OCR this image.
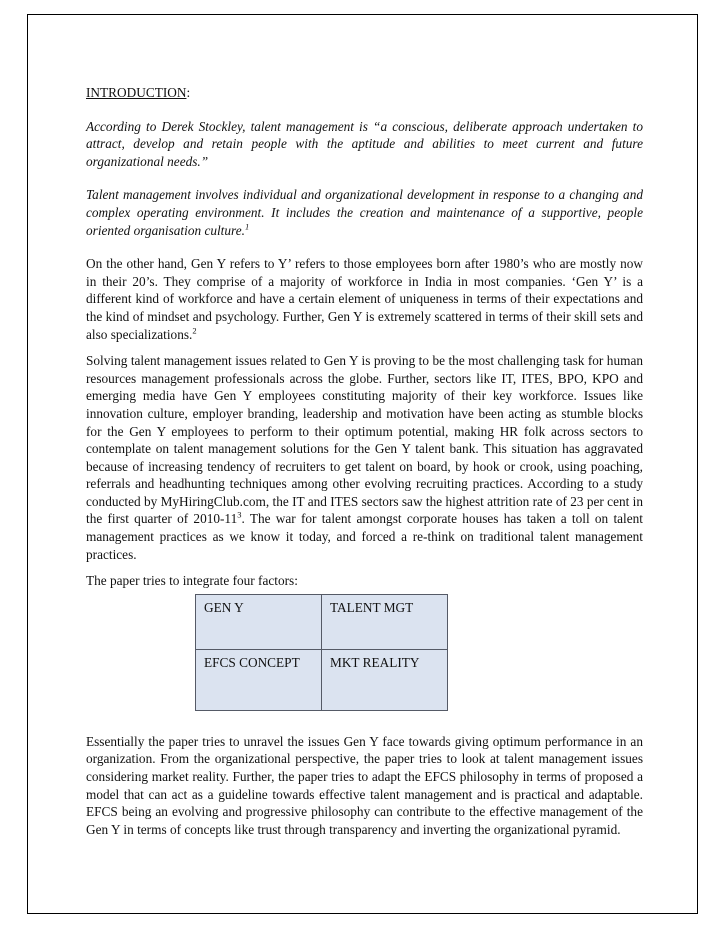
INTRODUCTION:

According to Derek Stockley, talent management is “a conscious, deliberate approach undertaken to attract, develop and retain people with the aptitude and abilities to meet current and future organizational needs.”

Talent management involves individual and organizational development in response to a changing and complex operating environment. It includes the creation and maintenance of a supportive, people oriented organisation culture.$^1$

On the other hand, Gen Y refers to Y’ refers to those employees born after 1980’s who are mostly now in their 20’s. They comprise of a majority of workforce in India in most companies. ‘Gen Y’ is a different kind of workforce and have a certain element of uniqueness in terms of their expectations and the kind of mindset and psychology. Further, Gen Y is extremely scattered in terms of their skill sets and also specializations.$^2$

Solving talent management issues related to Gen Y is proving to be the most challenging task for human resources management professionals across the globe. Further, sectors like IT, ITES, BPO, KPO and emerging media have Gen Y employees constituting majority of their key workforce. Issues like innovation culture, employer branding, leadership and motivation have been acting as stumble blocks for the Gen Y employees to perform to their optimum potential, making HR folk across sectors to contemplate on talent management solutions for the Gen Y talent bank. This situation has aggravated because of increasing tendency of recruiters to get talent on board, by hook or crook, using poaching, referrals and headhunting techniques among other evolving recruiting practices. According to a study conducted by MyHiringClub.com, the IT and ITES sectors saw the highest attrition rate of 23 per cent in the first quarter of $2010-11^3$. The war for talent amongst corporate houses has taken a toll on talent management practices as we know it today, and forced a re-think on traditional talent management practices.

The paper tries to integrate four factors:

GEN Y	TALENT MGT
EFCS CONCEPT	MKT REALITY

Essentially the paper tries to unravel the issues Gen Y face towards giving optimum performance in an organization. From the organizational perspective, the paper tries to look at talent management issues considering market reality. Further, the paper tries to adapt the EFCS philosophy in terms of proposed a model that can act as a guideline towards effective talent management and is practical and adaptable. EFCS being an evolving and progressive philosophy can contribute to the effective management of the Gen Y in terms of concepts like trust through transparency and inverting the organizational pyramid.
